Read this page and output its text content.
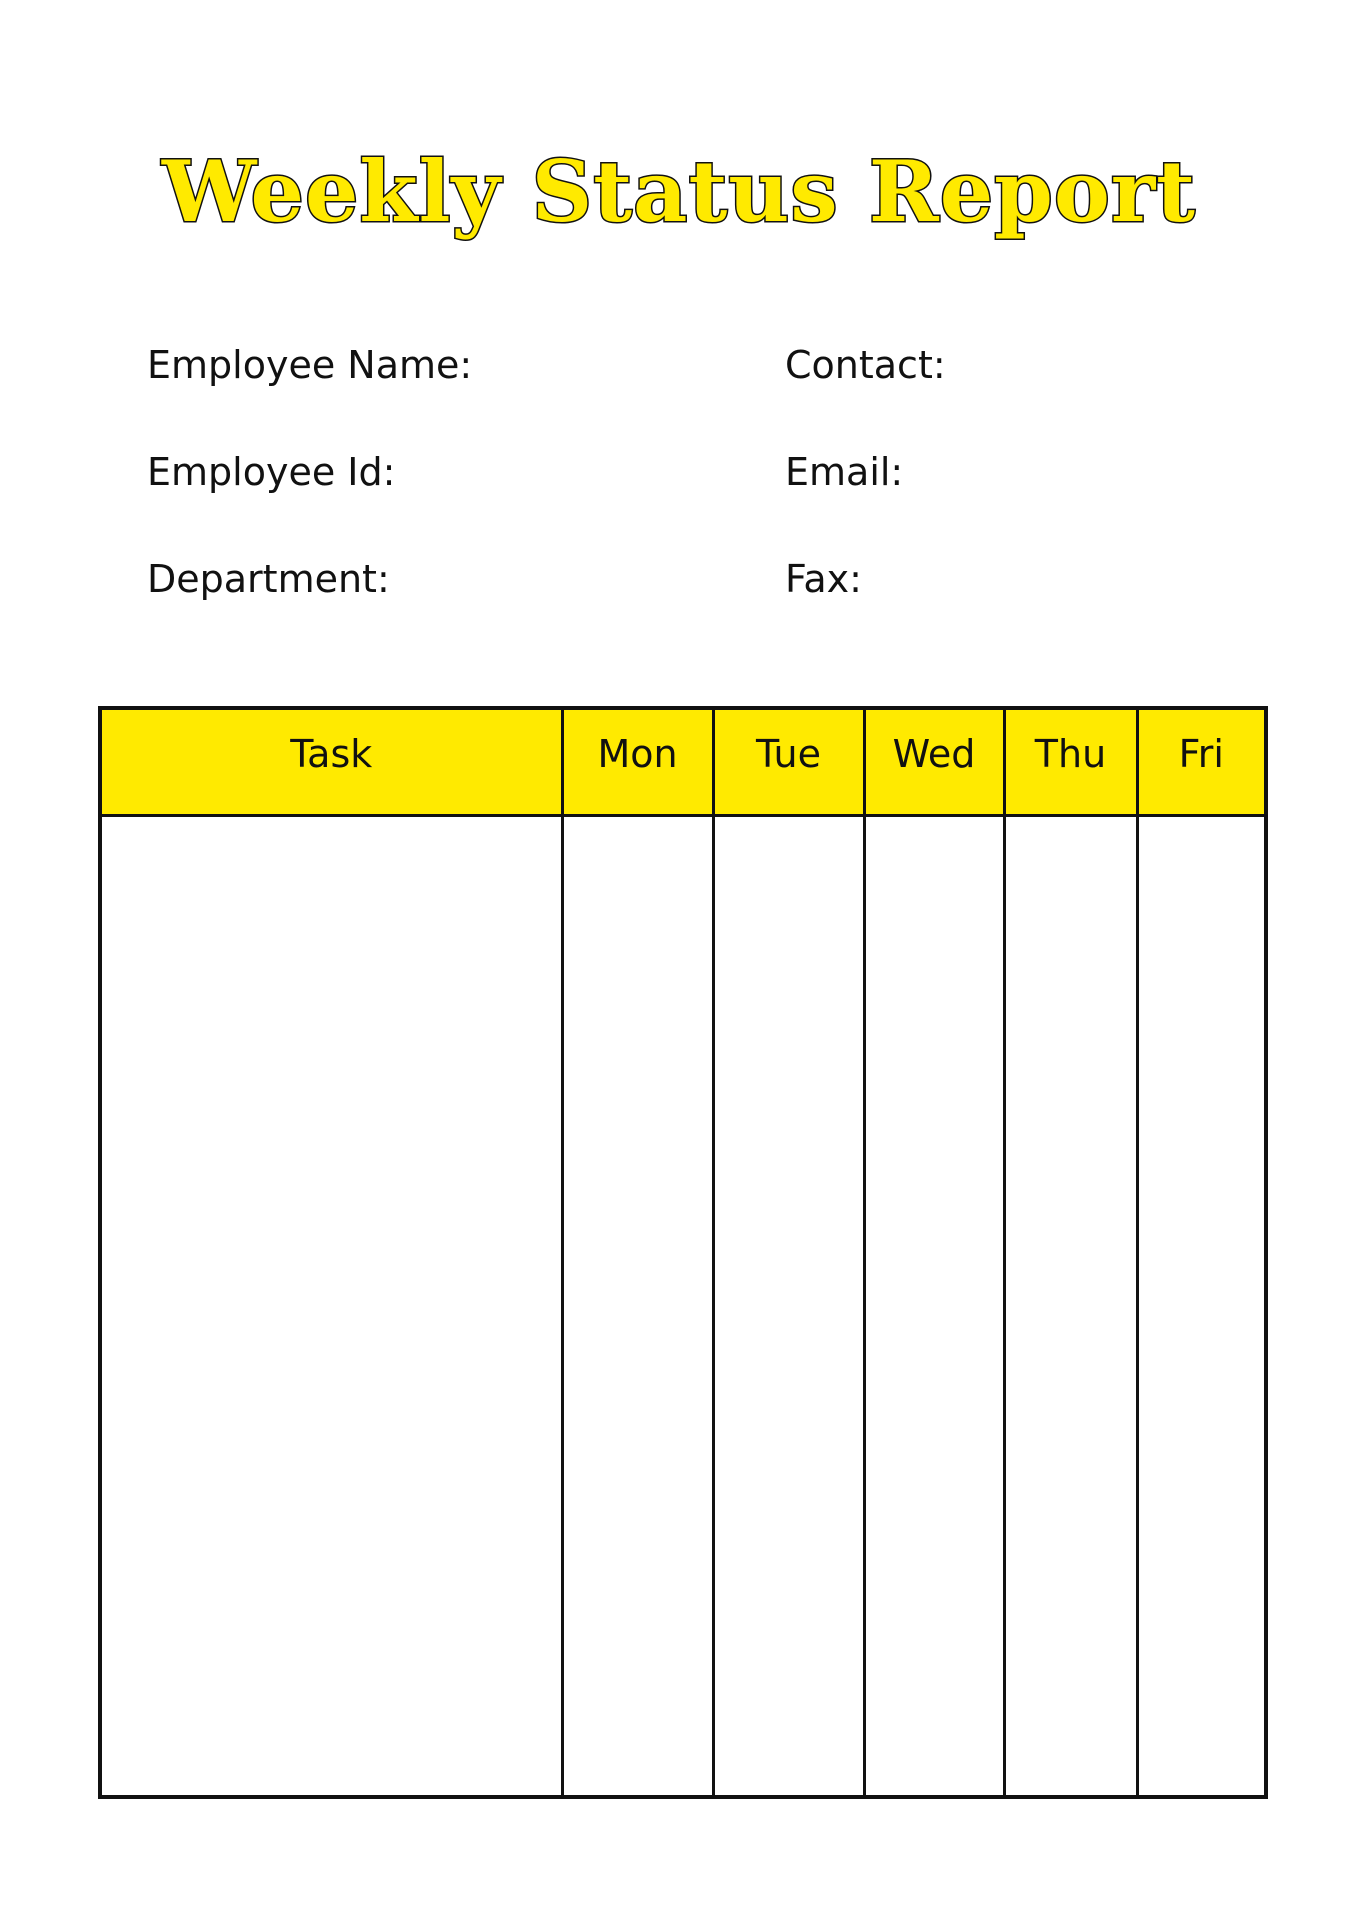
Weekly Status Report
Employee Name:
Employee Id:
Department:
Contact:
Email:
Fax:
Task	Mon	Tue	Wed	Thu	Fri
